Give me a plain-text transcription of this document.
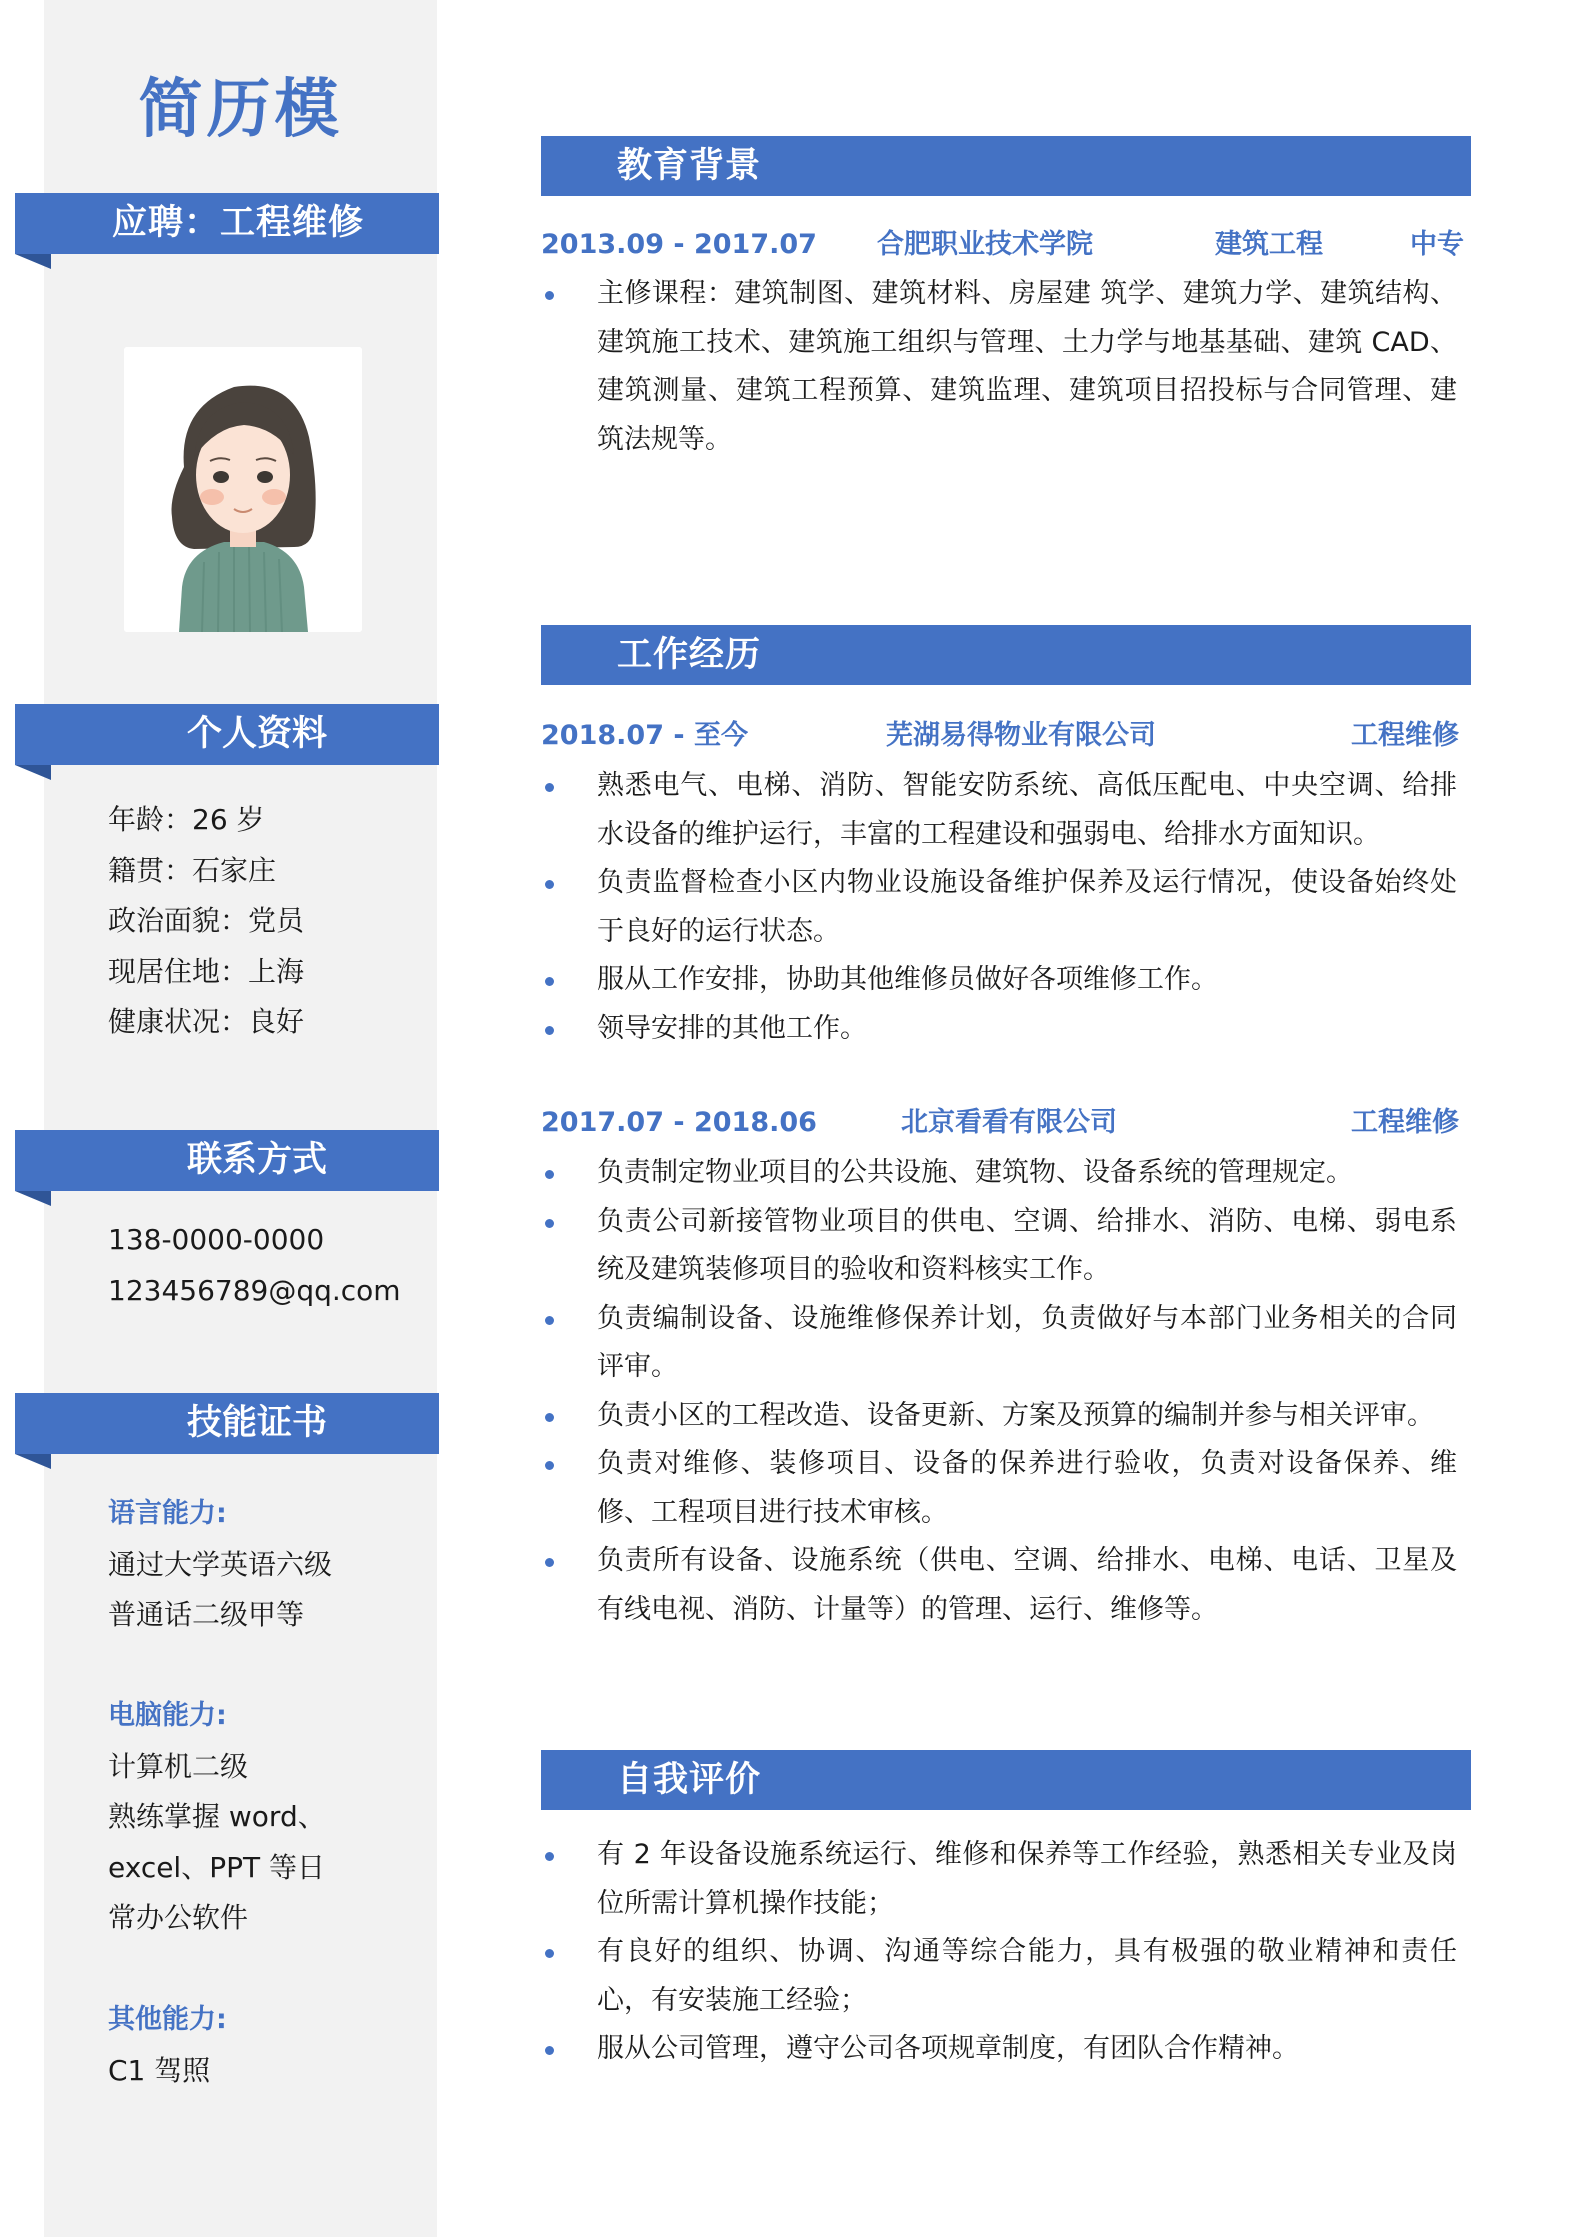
简历模
应聘：工程维修
个人资料
年龄：26 岁
籍贯：石家庄
政治面貌：党员
现居住地：上海
健康状况：良好
联系方式
138-0000-0000
123456789@qq.com
技能证书
语言能力:
通过大学英语六级
普通话二级甲等
电脑能力:
计算机二级
熟练掌握 word、
excel、PPT 等日
常办公软件
其他能力:
C1 驾照
教育背景
2013.09 - 2017.07 合肥职业技术学院	建筑工程	中专
主修课程：建筑制图、建筑材料、房屋建 筑学、建筑力学、建筑结构、建筑施工技术、建筑施工组织与管理、土力学与地基基础、建筑 CAD、建筑测量、建筑工程预算、建筑监理、建筑项目招投标与合同管理、建筑法规等。
工作经历
2018.07 - 至今	芜湖易得物业有限公司	工程维修
熟悉电气、电梯、消防、智能安防系统、高低压配电、中央空调、给排水设备的维护运行，丰富的工程建设和强弱电、给排水方面知识。
负责监督检查小区内物业设施设备维护保养及运行情况，使设备始终处于良好的运行状态。
服从工作安排，协助其他维修员做好各项维修工作。
领导安排的其他工作。
2017.07 - 2018.06	北京看看有限公司	工程维修
负责制定物业项目的公共设施、建筑物、设备系统的管理规定。
负责公司新接管物业项目的供电、空调、给排水、消防、电梯、弱电系统及建筑装修项目的验收和资料核实工作。
负责编制设备、设施维修保养计划，负责做好与本部门业务相关的合同评审。
负责小区的工程改造、设备更新、方案及预算的编制并参与相关评审。
负责对维修、装修项目、设备的保养进行验收，负责对设备保养、维修、工程项目进行技术审核。
负责所有设备、设施系统（供电、空调、给排水、电梯、电话、卫星及有线电视、消防、计量等）的管理、运行、维修等。
自我评价
有 2 年设备设施系统运行、维修和保养等工作经验，熟悉相关专业及岗位所需计算机操作技能；
有良好的组织、协调、沟通等综合能力，具有极强的敬业精神和责任心，有安装施工经验；
服从公司管理，遵守公司各项规章制度，有团队合作精神。
